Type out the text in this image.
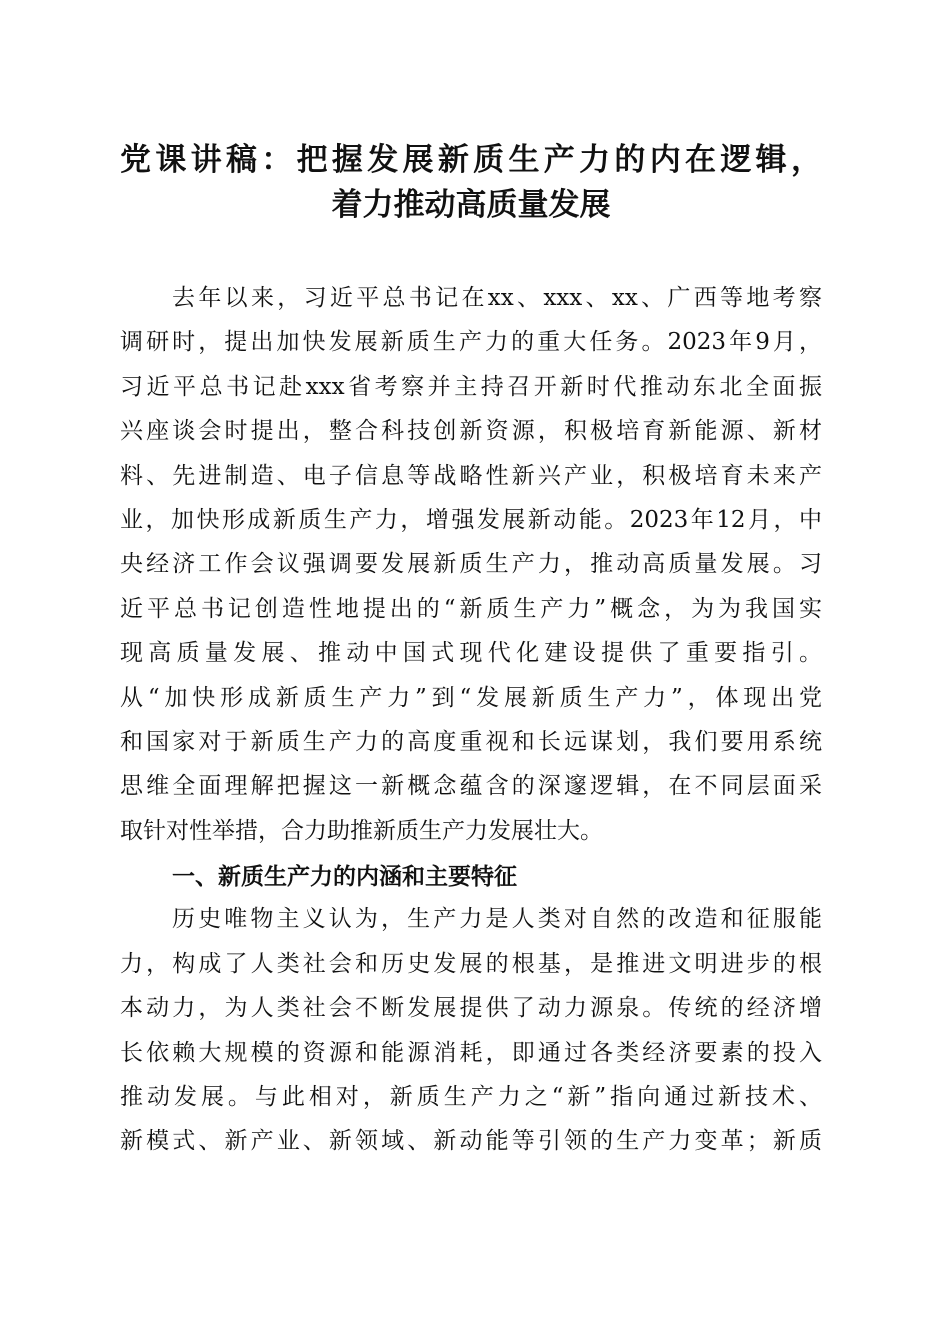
党课讲稿：把握发展新质生产力的内在逻辑，
着力推动高质量发展
去年以来，习近平总书记在xx、xxx、xx、广西等地考察
调研时，提出加快发展新质生产力的重大任务。2023年9月，
习近平总书记赴xxx省考察并主持召开新时代推动东北全面振
兴座谈会时提出，整合科技创新资源，积极培育新能源、新材
料、先进制造、电子信息等战略性新兴产业，积极培育未来产
业，加快形成新质生产力，增强发展新动能。2023年12月，中
央经济工作会议强调要发展新质生产力，推动高质量发展。习
近平总书记创造性地提出的“新质生产力”概念，为为我国实
现高质量发展、推动中国式现代化建设提供了重要指引。
从“加快形成新质生产力”到“发展新质生产力”，体现出党
和国家对于新质生产力的高度重视和长远谋划，我们要用系统
思维全面理解把握这一新概念蕴含的深邃逻辑，在不同层面采
取针对性举措，合力助推新质生产力发展壮大。
一、新质生产力的内涵和主要特征
历史唯物主义认为，生产力是人类对自然的改造和征服能
力，构成了人类社会和历史发展的根基，是推进文明进步的根
本动力，为人类社会不断发展提供了动力源泉。传统的经济增
长依赖大规模的资源和能源消耗，即通过各类经济要素的投入
推动发展。与此相对，新质生产力之“新”指向通过新技术、
新模式、新产业、新领域、新动能等引领的生产力变革；新质
